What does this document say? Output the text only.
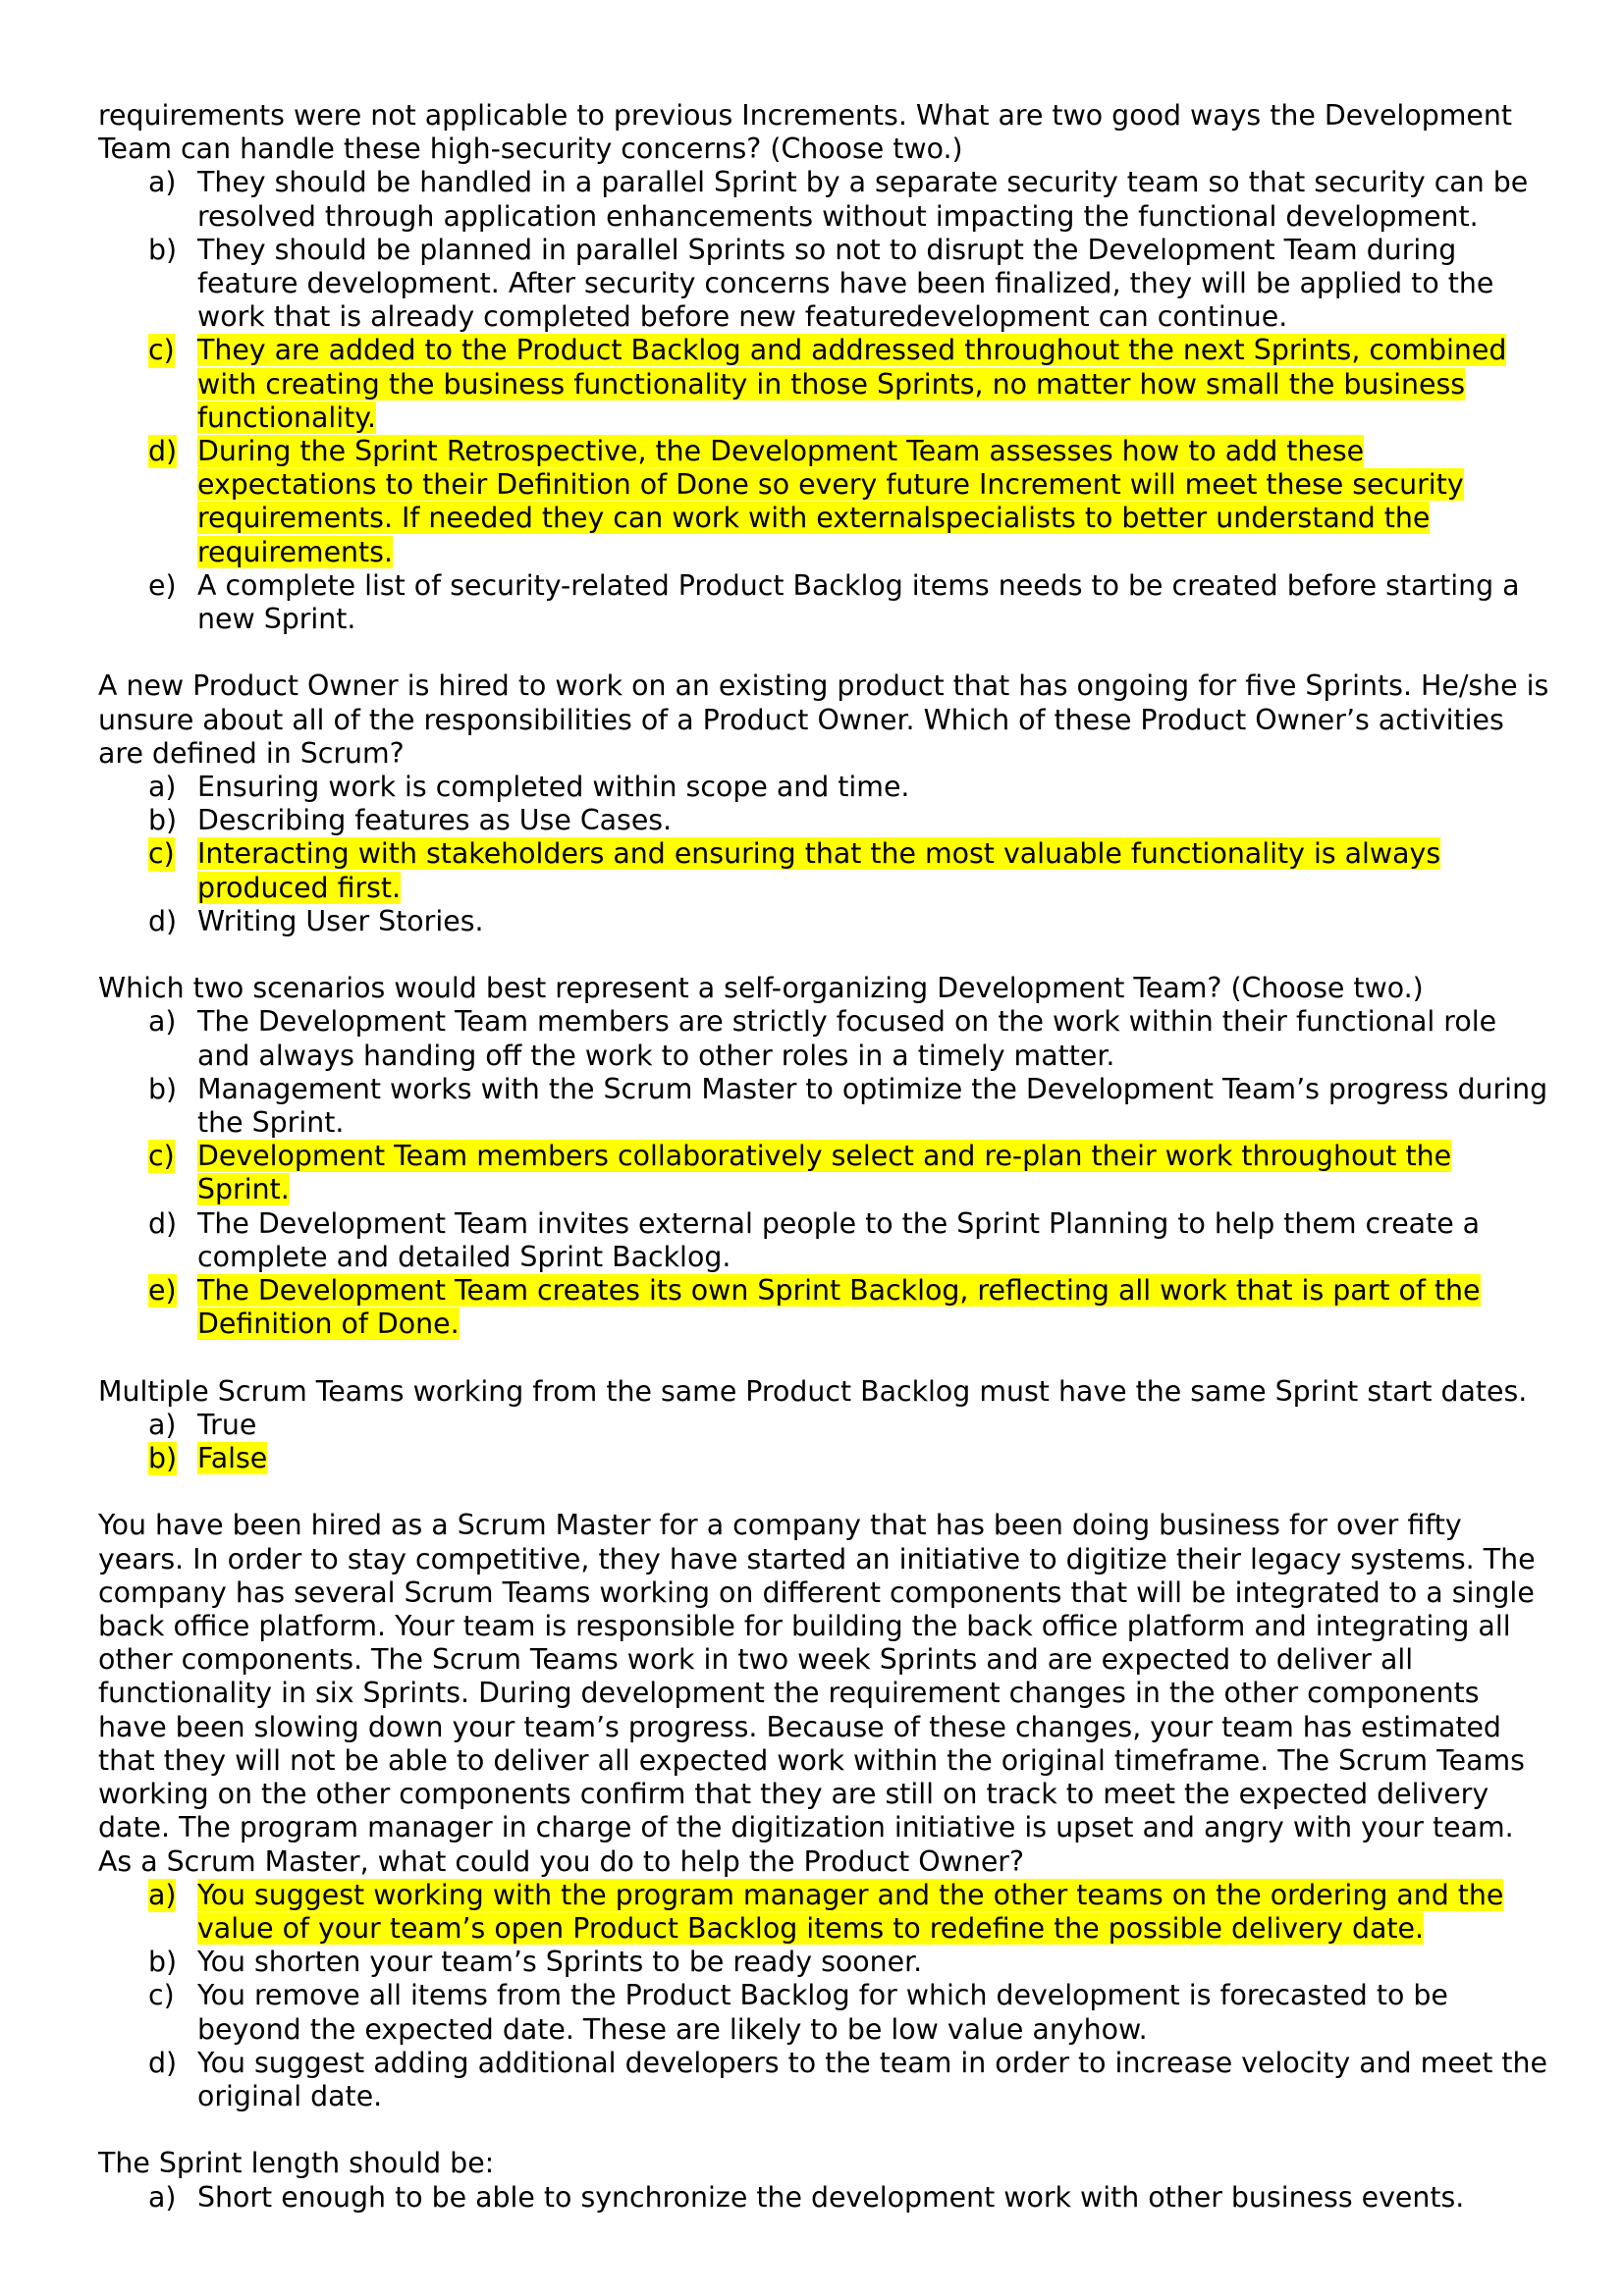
requirements were not applicable to previous Increments. What are two good ways the Development Team can handle these high-security concerns? (Choose two.)

a) They should be handled in a parallel Sprint by a separate security team so that security can be resolved through application enhancements without impacting the functional development.
b) They should be planned in parallel Sprints so not to disrupt the Development Team during feature development. After security concerns have been finalized, they will be applied to the work that is already completed before new featuredevelopment can continue.
c) They are added to the Product Backlog and addressed throughout the next Sprints, combined with creating the business functionality in those Sprints, no matter how small the business functionality.
d) During the Sprint Retrospective, the Development Team assesses how to add these expectations to their Definition of Done so every future Increment will meet these security requirements. If needed they can work with externalspecialists to better understand the requirements.
e) A complete list of security-related Product Backlog items needs to be created before starting a new Sprint.

A new Product Owner is hired to work on an existing product that has ongoing for five Sprints. He/she is unsure about all of the responsibilities of a Product Owner. Which of these Product Owner’s activities are defined in Scrum?

a) Ensuring work is completed within scope and time.
b) Describing features as Use Cases.
c) Interacting with stakeholders and ensuring that the most valuable functionality is always produced first.
d) Writing User Stories.

Which two scenarios would best represent a self-organizing Development Team? (Choose two.)

a) The Development Team members are strictly focused on the work within their functional role and always handing off the work to other roles in a timely matter.
b) Management works with the Scrum Master to optimize the Development Team’s progress during the Sprint.
c) Development Team members collaboratively select and re-plan their work throughout the Sprint.
d) The Development Team invites external people to the Sprint Planning to help them create a complete and detailed Sprint Backlog.
e) The Development Team creates its own Sprint Backlog, reflecting all work that is part of the Definition of Done.

Multiple Scrum Teams working from the same Product Backlog must have the same Sprint start dates.

a) True
b) False

You have been hired as a Scrum Master for a company that has been doing business for over fifty years. In order to stay competitive, they have started an initiative to digitize their legacy systems. The company has several Scrum Teams working on different components that will be integrated to a single back office platform. Your team is responsible for building the back office platform and integrating all other components. The Scrum Teams work in two week Sprints and are expected to deliver all functionality in six Sprints. During development the requirement changes in the other components have been slowing down your team’s progress. Because of these changes, your team has estimated that they will not be able to deliver all expected work within the original timeframe. The Scrum Teams working on the other components confirm that they are still on track to meet the expected delivery date. The program manager in charge of the digitization initiative is upset and angry with your team. As a Scrum Master, what could you do to help the Product Owner?

a) You suggest working with the program manager and the other teams on the ordering and the value of your team’s open Product Backlog items to redefine the possible delivery date.
b) You shorten your team’s Sprints to be ready sooner.
c) You remove all items from the Product Backlog for which development is forecasted to be beyond the expected date. These are likely to be low value anyhow.
d) You suggest adding additional developers to the team in order to increase velocity and meet the original date.

The Sprint length should be:

a) Short enough to be able to synchronize the development work with other business events.
